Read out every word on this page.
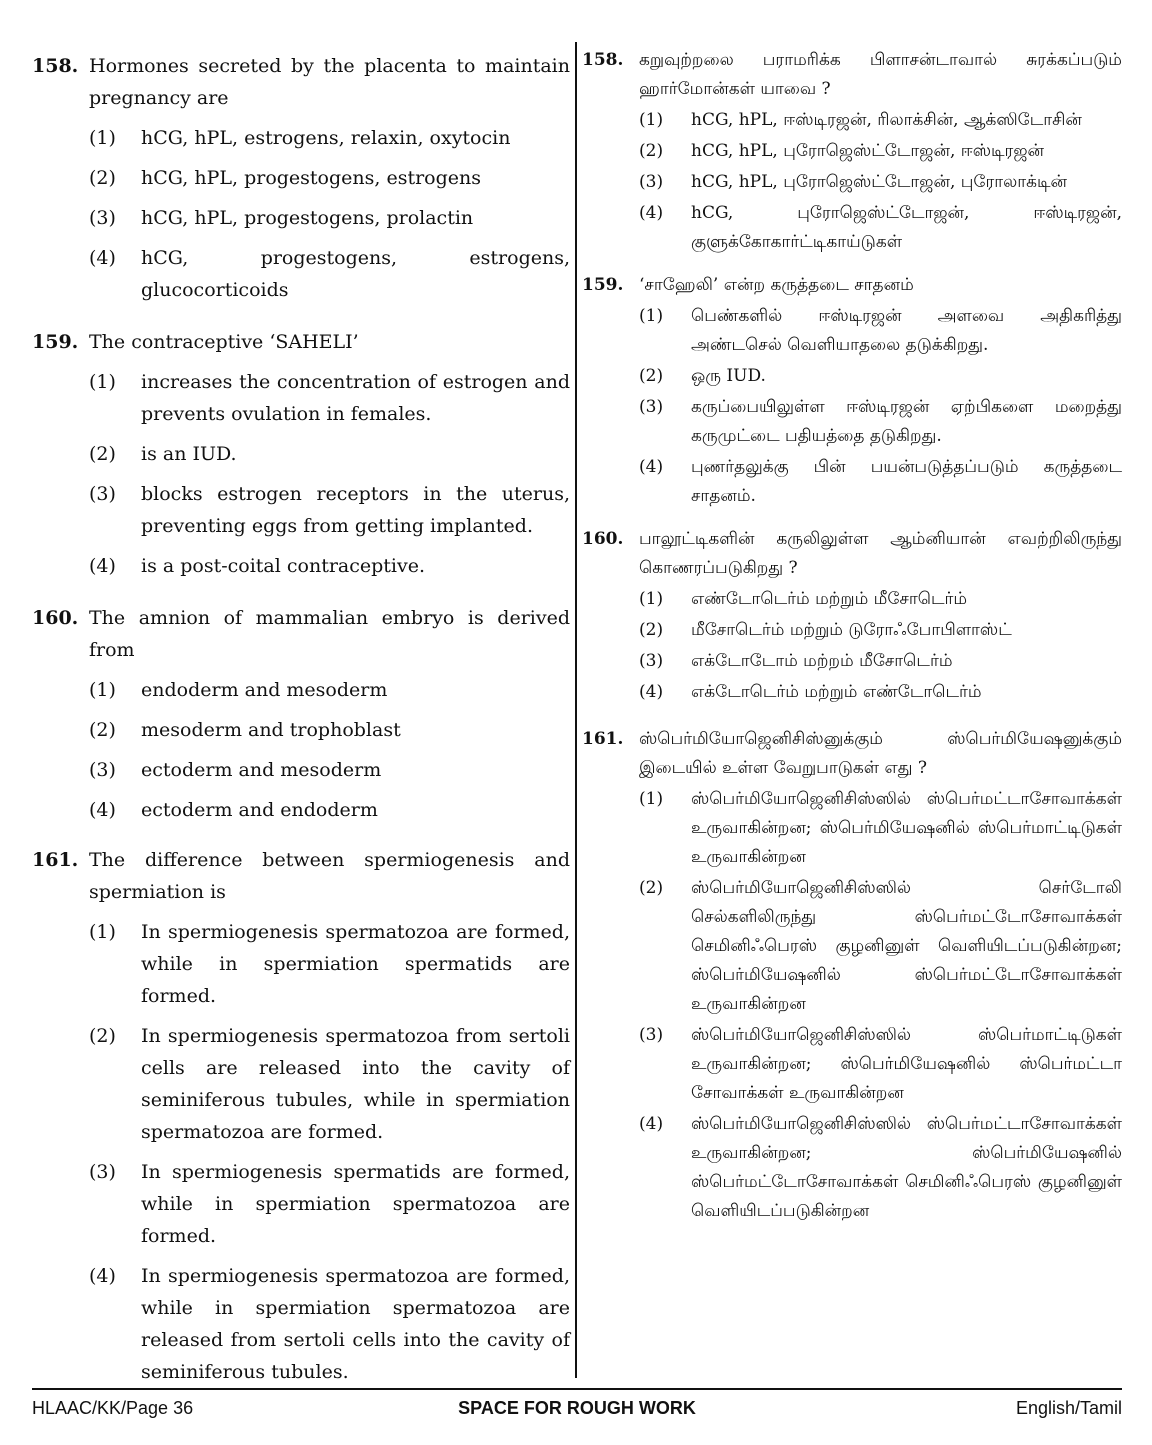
158. Hormones secreted by the placenta to maintain pregnancy are
(1)	hCG, hPL, estrogens, relaxin, oxytocin
(2)	hCG, hPL, progestogens, estrogens
(3)	hCG, hPL, progestogens, prolactin
(4)	hCG, progestogens, estrogens, glucocorticoids
159. The contraceptive ‘SAHELI’
(1)	increases the concentration of estrogen and prevents ovulation in females.
(2)	is an IUD.
(3)	blocks estrogen receptors in the uterus, preventing eggs from getting implanted.
(4)	is a post-coital contraceptive.
160. The amnion of mammalian embryo is derived from
(1)	endoderm and mesoderm
(2)	mesoderm and trophoblast
(3)	ectoderm and mesoderm
(4)	ectoderm and endoderm
161. The difference between spermiogenesis and spermiation is
(1)	In spermiogenesis spermatozoa are formed, while in spermiation spermatids are formed.
(2)	In spermiogenesis spermatozoa from sertoli cells are released into the cavity of seminiferous tubules, while in spermiation spermatozoa are formed.
(3)	In spermiogenesis spermatids are formed, while in spermiation spermatozoa are formed.
(4)	In spermiogenesis spermatozoa are formed, while in spermiation spermatozoa are released from sertoli cells into the cavity of seminiferous tubules.
158. கறுவுற்றலை பராமரிக்க பிளாசன்டாவால் சுரக்கப்படும் ஹார்மோன்கள் யாவை ?
(1)	hCG, hPL, ஈஸ்டிரஜன், ரிலாக்சின், ஆக்ஸிடோசின்
(2)	hCG, hPL, புரோஜெஸ்ட்டோஜன், ஈஸ்டிரஜன்
(3)	hCG, hPL, புரோஜெஸ்ட்டோஜன், புரோலாக்டின்
(4)	hCG, புரோஜெஸ்ட்டோஜன், ஈஸ்டிரஜன், குளுக்கோகார்ட்டிகாய்டுகள்
159. ‘சாஹேலி’ என்ற கருத்தடை சாதனம்
(1)	பெண்களில் ஈஸ்டிரஜன் அளவை அதிகரித்து அண்டசெல் வெளியாதலை தடுக்கிறது.
(2)	ஒரு IUD.
(3)	கருப்பையிலுள்ள ஈஸ்டிரஜன் ஏற்பிகளை மறைத்து கருமுட்டை பதியத்தை தடுகிறது.
(4)	புணர்தலுக்கு பின் பயன்படுத்தப்படும் கருத்தடை சாதனம்.
160. பாலூட்டிகளின் கருலிலுள்ள ஆம்னியான் எவற்றிலிருந்து கொணரப்படுகிறது ?
(1)	எண்டோடெர்ம் மற்றும் மீசோடெர்ம்
(2)	மீசோடெர்ம் மற்றும் டுரோஃபோபிளாஸ்ட்
(3)	எக்டோடோம் மற்றம் மீசோடெர்ம்
(4)	எக்டோடெர்ம் மற்றும் எண்டோடெர்ம்
161. ஸ்பெர்மியோஜெனிசிஸ்னுக்கும் ஸ்பெர்மியேஷனுக்கும் இடையில் உள்ள வேறுபாடுகள் எது ?
(1)	ஸ்பெர்மியோஜெனிசிஸ்ஸில் ஸ்பெர்மட்டாசோவாக்கள் உருவாகின்றன; ஸ்பெர்மியேஷனில் ஸ்பெர்மாட்டிடுகள் உருவாகின்றன
(2)	ஸ்பெர்மியோஜெனிசிஸ்ஸில் செர்டோலி செல்களிலிருந்து ஸ்பெர்மட்டோசோவாக்கள் செமினிஃபெரஸ் குழனினுள் வெளியிடப்படுகின்றன; ஸ்பெர்மியேஷனில் ஸ்பெர்மட்டோசோவாக்கள் உருவாகின்றன
(3)	ஸ்பெர்மியோஜெனிசிஸ்ஸில் ஸ்பெர்மாட்டிடுகள் உருவாகின்றன; ஸ்பெர்மியேஷனில் ஸ்பெர்மட்டா சோவாக்கள் உருவாகின்றன
(4)	ஸ்பெர்மியோஜெனிசிஸ்ஸில் ஸ்பெர்மட்டாசோவாக்கள் உருவாகின்றன; ஸ்பெர்மியேஷனில் ஸ்பெர்மட்டோசோவாக்கள் செமினிஃபெரஸ் குழனினுள் வெளியிடப்படுகின்றன
HLAAC/KK/Page 36	SPACE FOR ROUGH WORK	English/Tamil
